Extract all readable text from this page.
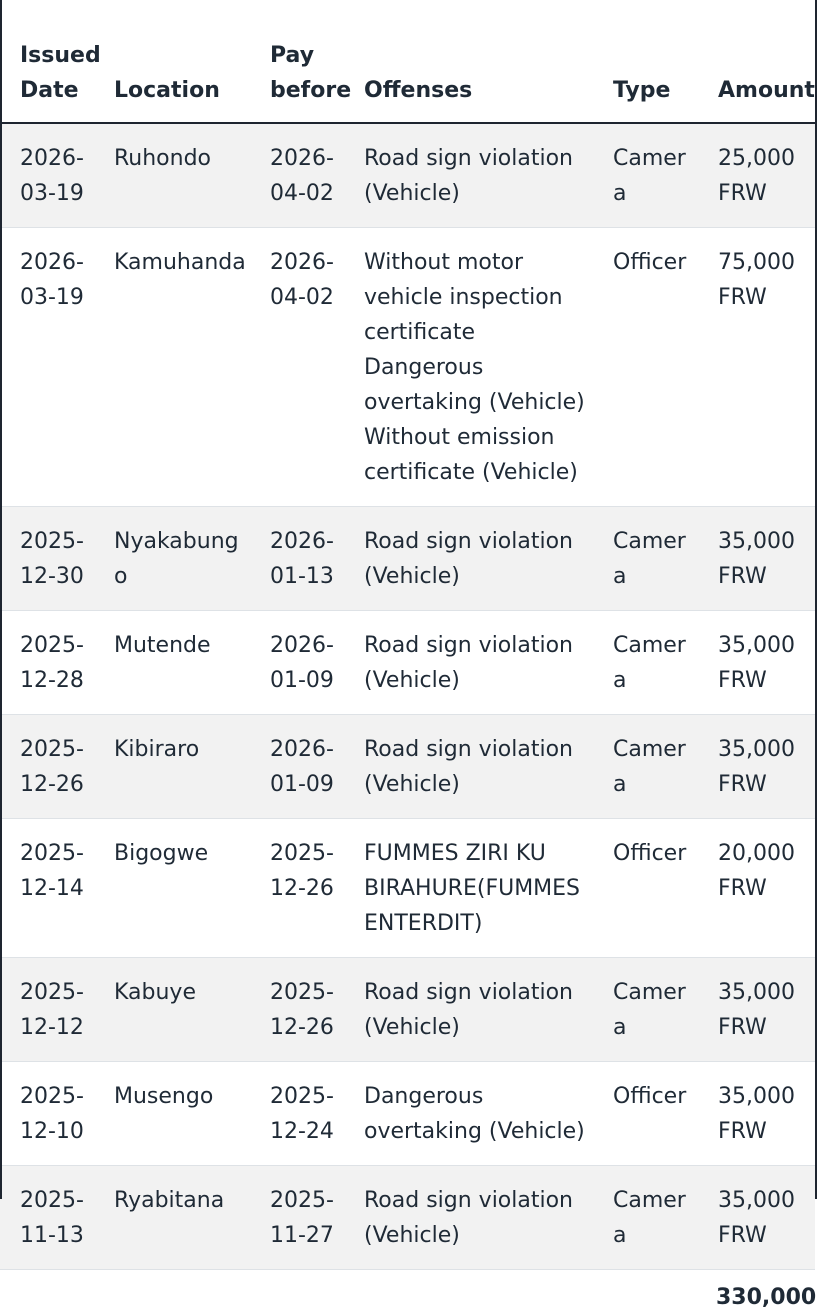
Issued Date	Location	Pay before	Offenses	Type	Amount
2026-03-19	Ruhondo	2026-04-02	Road sign violation (Vehicle)	Camera	25,000 FRW
2026-03-19	Kamuhanda	2026-04-02	Without motor vehicle inspection certificate Dangerous overtaking (Vehicle) Without emission certificate (Vehicle)	Officer	75,000 FRW
2025-12-30	Nyakabungo	2026-01-13	Road sign violation (Vehicle)	Camera	35,000 FRW
2025-12-28	Mutende	2026-01-09	Road sign violation (Vehicle)	Camera	35,000 FRW
2025-12-26	Kibiraro	2026-01-09	Road sign violation (Vehicle)	Camera	35,000 FRW
2025-12-14	Bigogwe	2025-12-26	FUMMES ZIRI KU BIRAHURE(FUMMES ENTERDIT)	Officer	20,000 FRW
2025-12-12	Kabuye	2025-12-26	Road sign violation (Vehicle)	Camera	35,000 FRW
2025-12-10	Musengo	2025-12-24	Dangerous overtaking (Vehicle)	Officer	35,000 FRW
2025-11-13	Ryabitana	2025-11-27	Road sign violation (Vehicle)	Camera	35,000 FRW
					330,000
